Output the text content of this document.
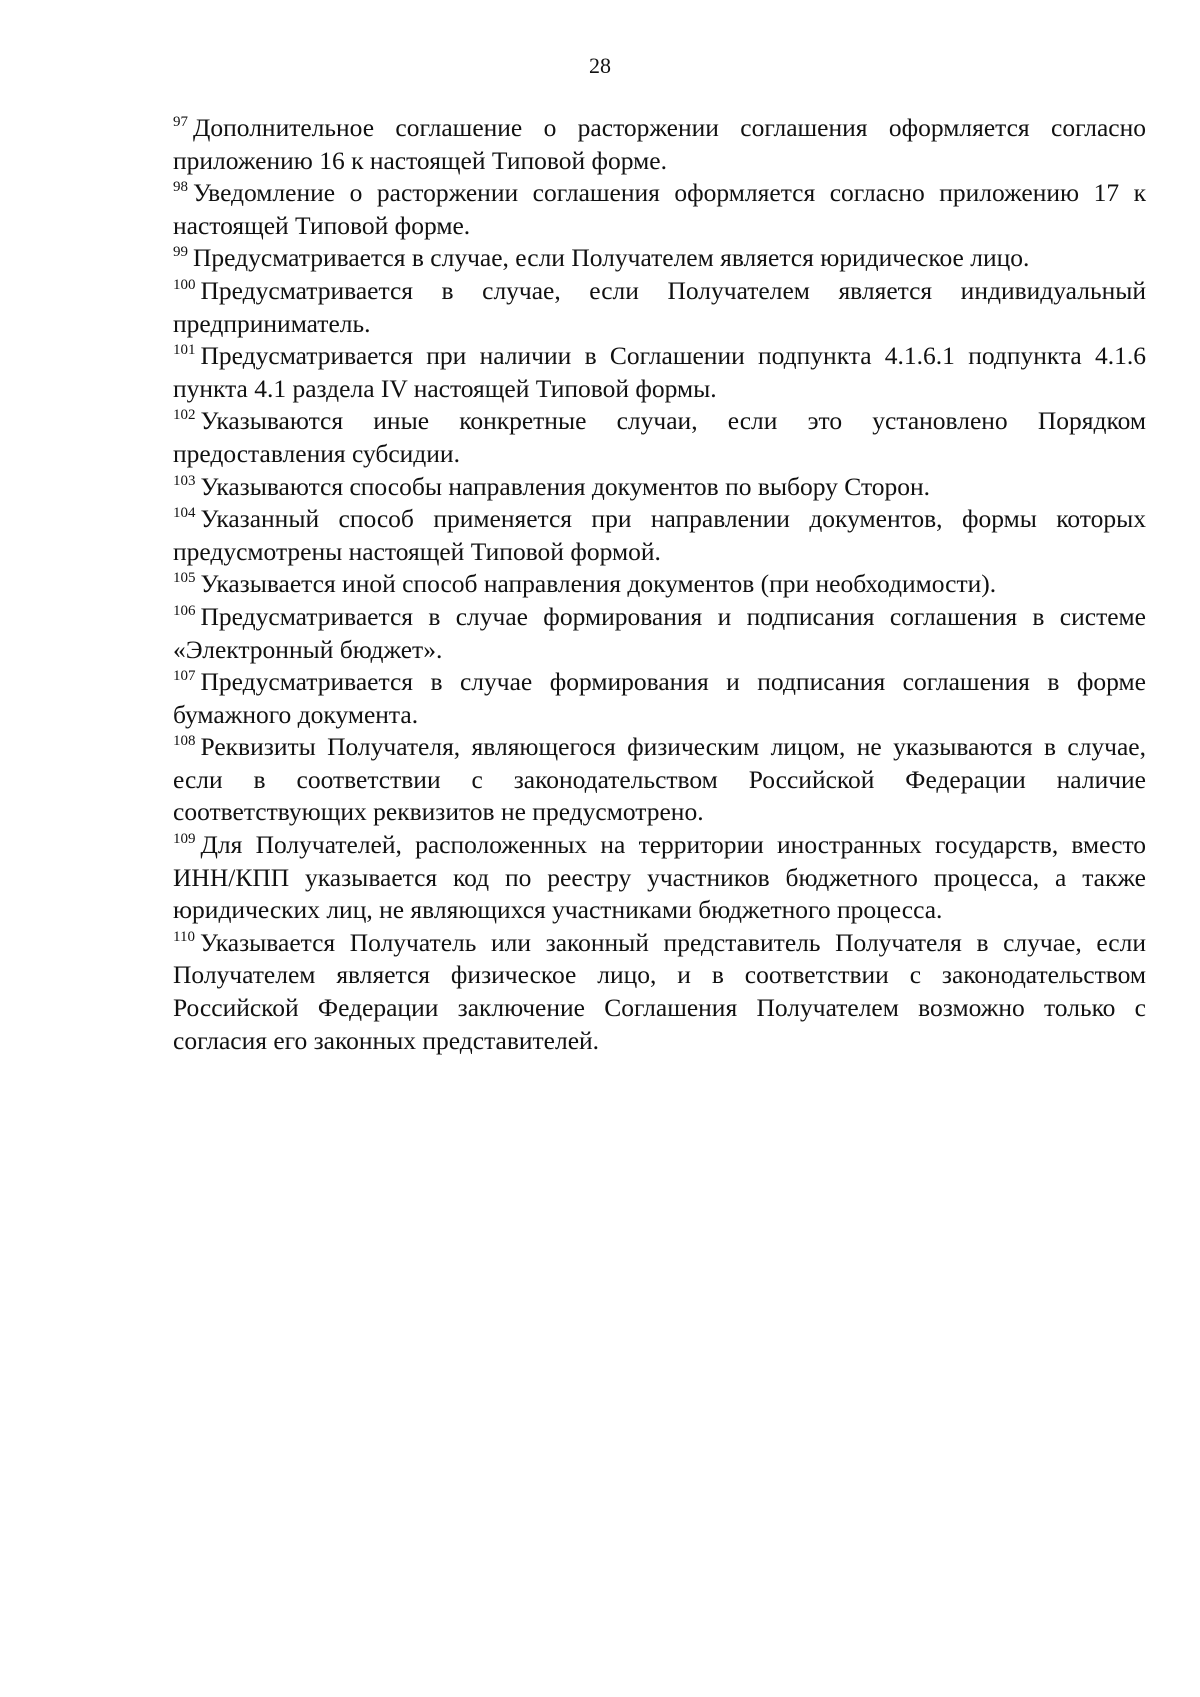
28

$^{97}$ Дополнительное соглашение о расторжении соглашения оформляется согласно приложению 16 к настоящей Типовой форме.

$^{98}$ Уведомление о расторжении соглашения оформляется согласно приложению 17 к настоящей Типовой форме.

$^{99}$ Предусматривается в случае, если Получателем является юридическое лицо.

$^{100}$ Предусматривается в случае, если Получателем является индивидуальный предприниматель.

$^{101}$ Предусматривается при наличии в Соглашении подпункта 4.1.6.1 подпункта 4.1.6 пункта 4.1 раздела IV настоящей Типовой формы.

$^{102}$ Указываются иные конкретные случаи, если это установлено Порядком предоставления субсидии.

$^{103}$ Указываются способы направления документов по выбору Сторон.

$^{104}$ Указанный способ применяется при направлении документов, формы которых предусмотрены настоящей Типовой формой.

$^{105}$ Указывается иной способ направления документов (при необходимости).

$^{106}$ Предусматривается в случае формирования и подписания соглашения в системе «Электронный бюджет».

$^{107}$ Предусматривается в случае формирования и подписания соглашения в форме бумажного документа.

$^{108}$ Реквизиты Получателя, являющегося физическим лицом, не указываются в случае, если в соответствии с законодательством Российской Федерации наличие соответствующих реквизитов не предусмотрено.

$^{109}$ Для Получателей, расположенных на территории иностранных государств, вместо ИНН/КПП указывается код по реестру участников бюджетного процесса, а также юридических лиц, не являющихся участниками бюджетного процесса.

$^{110}$ Указывается Получатель или законный представитель Получателя в случае, если Получателем является физическое лицо, и в соответствии с законодательством Российской Федерации заключение Соглашения Получателем возможно только с согласия его законных представителей.
